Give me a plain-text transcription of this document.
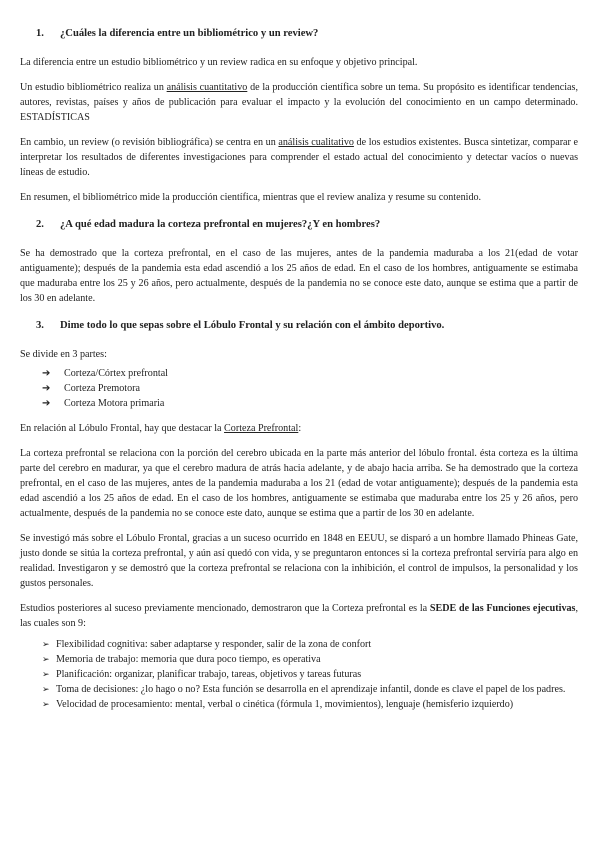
1.	¿Cuáles la diferencia entre un bibliométrico y un review?

La diferencia entre un estudio bibliométrico y un review radica en su enfoque y objetivo principal.

Un estudio bibliométrico realiza un análisis cuantitativo de la producción científica sobre un tema. Su propósito es identificar tendencias, autores, revistas, países y años de publicación para evaluar el impacto y la evolución del conocimiento en un campo determinado. ESTADÍSTICAS

En cambio, un review (o revisión bibliográfica) se centra en un análisis cualitativo de los estudios existentes. Busca sintetizar, comparar e interpretar los resultados de diferentes investigaciones para comprender el estado actual del conocimiento y detectar vacíos o nuevas líneas de estudio.

En resumen, el bibliométrico mide la producción científica, mientras que el review analiza y resume su contenido.

2.	¿A qué edad madura la corteza prefrontal en mujeres?¿Y en hombres?

Se ha demostrado que la corteza prefrontal, en el caso de las mujeres, antes de la pandemia maduraba a los 21(edad de votar antiguamente); después de la pandemia esta edad ascendió a los 25 años de edad. En el caso de los hombres, antiguamente se estimaba que maduraba entre los 25 y 26 años, pero actualmente, después de la pandemia no se conoce este dato, aunque se estima que a partir de los 30 en adelante.

3.	Dime todo lo que sepas sobre el Lóbulo Frontal y su relación con el ámbito deportivo.

Se divide en 3 partes:

➔	Corteza/Córtex prefrontal
➔	Corteza Premotora
➔	Corteza Motora primaria

En relación al Lóbulo Frontal, hay que destacar la Corteza Prefrontal:

La corteza prefrontal se relaciona con la porción del cerebro ubicada en la parte más anterior del lóbulo frontal. ésta corteza es la última parte del cerebro en madurar, ya que el cerebro madura de atrás hacia adelante, y de abajo hacia arriba. Se ha demostrado que la corteza prefrontal, en el caso de las mujeres, antes de la pandemia maduraba a los 21 (edad de votar antiguamente); después de la pandemia esta edad ascendió a los 25 años de edad. En el caso de los hombres, antiguamente se estimaba que maduraba entre los 25 y 26 años, pero actualmente, después de la pandemia no se conoce este dato, aunque se estima que a partir de los 30 en adelante.

Se investigó más sobre el Lóbulo Frontal, gracias a un suceso ocurrido en 1848 en EEUU, se disparó a un hombre llamado Phineas Gate, justo donde se sitúa la corteza prefrontal, y aún así quedó con vida, y se preguntaron entonces si la corteza prefrontal serviría para algo en realidad. Investigaron y se demostró que la corteza prefrontal se relaciona con la inhibición, el control de impulsos, la personalidad y los gustos personales.

Estudios posteriores al suceso previamente mencionado, demostraron que la Corteza prefrontal es la SEDE de las Funciones ejecutivas, las cuales son 9:

➢ Flexibilidad cognitiva: saber adaptarse y responder, salir de la zona de confort
➢ Memoria de trabajo: memoria que dura poco tiempo, es operativa
➢ Planificación: organizar, planificar trabajo, tareas, objetivos y tareas futuras
➢ Toma de decisiones: ¿lo hago o no? Esta función se desarrolla en el aprendizaje infantil, donde es clave el papel de los padres.
➢ Velocidad de procesamiento: mental, verbal o cinética (fórmula 1, movimientos), lenguaje (hemisferio izquierdo)
